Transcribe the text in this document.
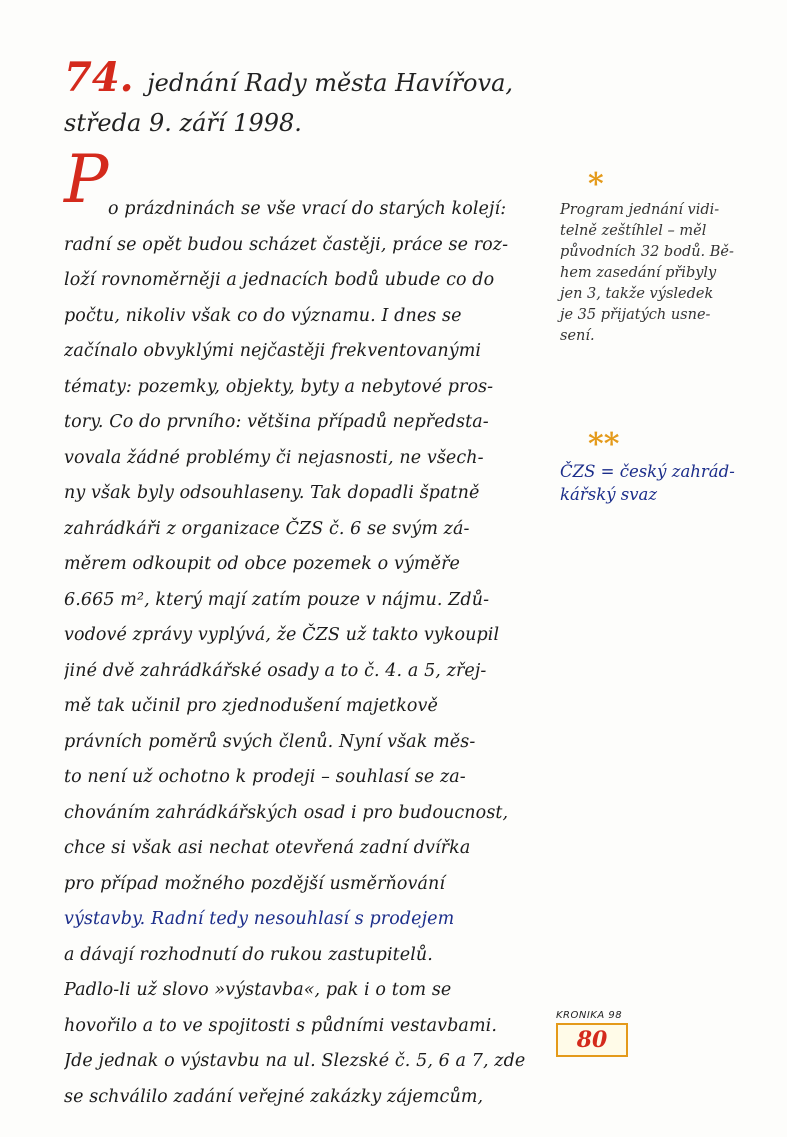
74. jednání Rady města Havířova,
středa 9. září 1998.
P o prázdninách se vše vrací do starých kolejí:
radní se opět budou scházet častěji, práce se roz-
loží rovnoměrněji a jednacích bodů ubude co do
počtu, nikoliv však co do významu. I dnes se
začínalo obvyklými nejčastěji frekventovanými
tématy: pozemky, objekty, byty a nebytové pros-
tory. Co do prvního: většina případů nepředsta-
vovala žádné problémy či nejasnosti, ne všech-
ny však byly odsouhlaseny. Tak dopadli špatně
zahrádkáři z organizace ČZS č. 6 se svým zá-
měrem odkoupit od obce pozemek o výměře
6.665 m², který mají zatím pouze v nájmu. Zdů-
vodové zprávy vyplývá, že ČZS už takto vykoupil
jiné dvě zahrádkářské osady a to č. 4. a 5, zřej-
mě tak učinil pro zjednodušení majetkově
právních poměrů svých členů. Nyní však měs-
to není už ochotno k prodeji – souhlasí se za-
chováním zahrádkářských osad i pro budoucnost,
chce si však asi nechat otevřená zadní dvířka
pro případ možného pozdější usměrňování
výstavby. Radní tedy nesouhlasí s prodejem
a dávají rozhodnutí do rukou zastupitelů.
Padlo-li už slovo »výstavba«, pak i o tom se
hovořilo a to ve spojitosti s půdními vestavbami.
Jde jednak o výstavbu na ul. Slezské č. 5, 6 a 7, zde
se schválilo zadání veřejné zakázky zájemcům,
*
Program jednání vidi-
telně zeštíhlel – měl
původních 32 bodů. Bě-
hem zasedání přibyly
jen 3, takže výsledek
je 35 přijatých usne-
sení.
**
ČZS = český zahrád-
kářský svaz
KRONIKA 98
80
